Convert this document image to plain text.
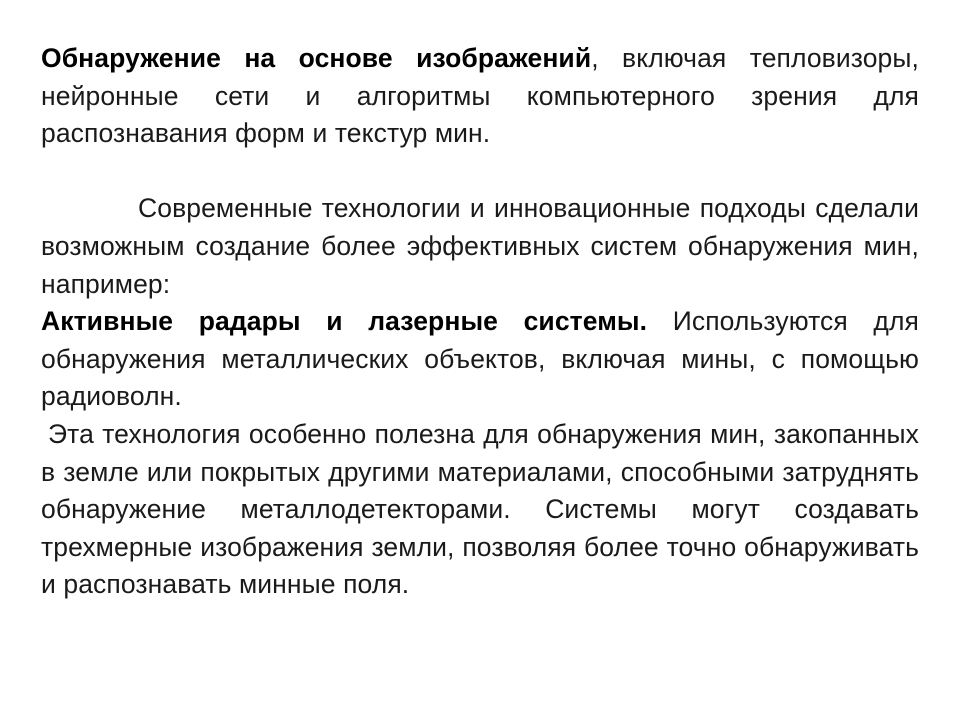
Обнаружение на основе изображений, включая тепловизоры, нейронные сети и алгоритмы компьютерного зрения для распознавания форм и текстур мин.

Современные технологии и инновационные подходы сделали возможным создание более эффективных систем обнаружения мин, например:

Активные радары и лазерные системы. Используются для обнаружения металлических объектов, включая мины, с помощью радиоволн.

Эта технология особенно полезна для обнаружения мин, закопанных в земле или покрытых другими материалами, способными затруднять обнаружение металлодетекторами. Системы могут создавать трехмерные изображения земли, позволяя более точно обнаруживать и распознавать минные поля.
